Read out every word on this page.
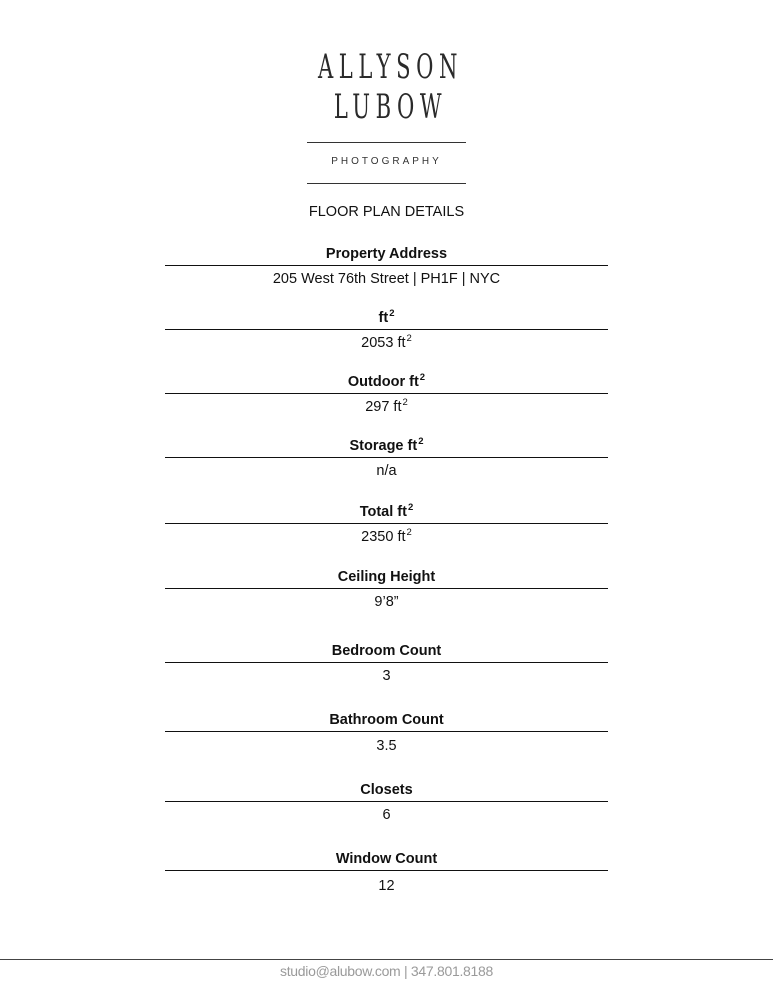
ALLYSON
LUBOW
PHOTOGRAPHY
FLOOR PLAN DETAILS
Property Address
205 West 76th Street | PH1F | NYC
$ft^2$
2053 $ft^2$
Outdoor $ft^2$
297 $ft^2$
Storage $ft^2$
n/a
Total $ft^2$
2350 $ft^2$
Ceiling Height
9’8”
Bedroom Count
3
Bathroom Count
3.5
Closets
6
Window Count
12
studio@alubow.com | 347.801.8188
